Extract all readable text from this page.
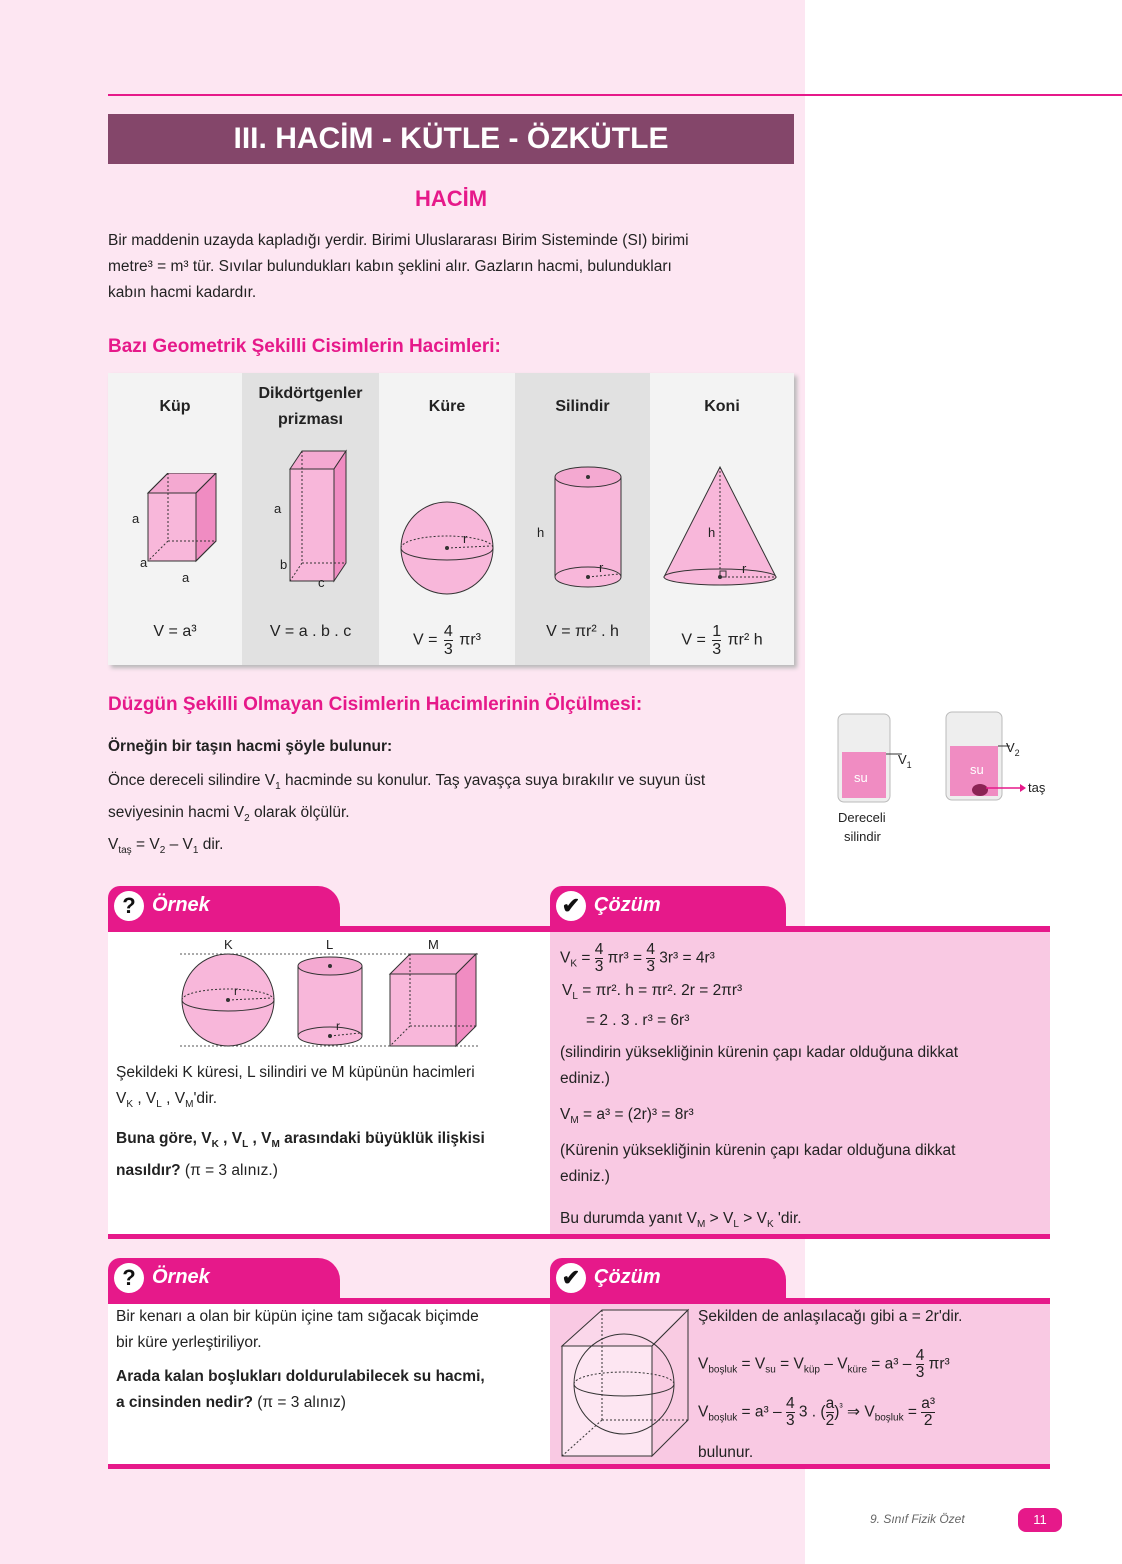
III. HACİM - KÜTLE - ÖZKÜTLE
HACİM
Bir maddenin uzayda kapladığı yerdir. Birimi Uluslararası Birim Sisteminde (SI) birimi
metre³ = m³ tür. Sıvılar bulundukları kabın şeklini alır. Gazların hacmi, bulundukları
kabın hacmi kadardır.
Bazı Geometrik Şekilli Cisimlerin Hacimleri:
Küp
a
a
a
V = a³
Dikdörtgenler
prizması
a
b
c
V = a . b . c
Küre
r
$V = \frac{4}{3} \pi r^3$
Silindir
h
r
V = πr² . h
Koni
h
r
$V = \frac{1}{3} \pi r^2$ h
Düzgün Şekilli Olmayan Cisimlerin Hacimlerinin Ölçülmesi:
Örneğin bir taşın hacmi şöyle bulunur:
Önce dereceli silindire $V_1$ hacminde su konulur. Taş yavaşça suya bırakılır ve suyun üst
seviyesinin hacmi $V_2$ olarak ölçülür.
$V_{taş} = V_2 - V_1$ dir.
su
$V_1$	su
$V_2$
taş
Dereceli
silindir
? Örnek	✔ Çözüm
K	L	M
r
r
Şekildeki K küresi, L silindiri ve M küpünün hacimleri
$V_K$ , $V_L$ , $V_M'dir$.
Buna göre, $V_K$ , $V_L$ , $V_M$ arasındaki büyüklük ilişkisi
nasıldır? (π = 3 alınız.)
$V_K = \frac{4}{3} \pi r^3 = \frac{4}{3} 3r^3 = 4r^3$
$V_L = \pi r^2$. h = πr². 2r = 2πr³
= 2 . 3 . r³ = 6r³
(silindirin yüksekliğinin kürenin çapı kadar olduğuna dikkat
ediniz.)
$V_M = a^3 = (2r)^3 = 8r^3$
(Kürenin yüksekliğinin kürenin çapı kadar olduğuna dikkat
ediniz.)
Bu durumda yanıt $V_M > V_L > V_K$ 'dir.
? Örnek	✔ Çözüm
Bir kenarı a olan bir küpün içine tam sığacak biçimde
bir küre yerleştiriliyor.
Arada kalan boşlukları doldurulabilecek su hacmi,
a cinsinden nedir? (π = 3 alınız)
Şekilden de anlaşılacağı gibi a = 2r'dir.
$V_{boşluk} = V_{su} = V_{küp} - V_{küre} = a^3 - \frac{4}{3} \pi r^3$
$V_{boşluk} = a^3 - \frac{4}{3} 3$ . ( $\frac{a}{2} )^{^3}$ ⇒ $V_{boşluk} = \frac{\text{a³}}{2}$
bulunur.
9. Sınıf Fizik Özet	11
